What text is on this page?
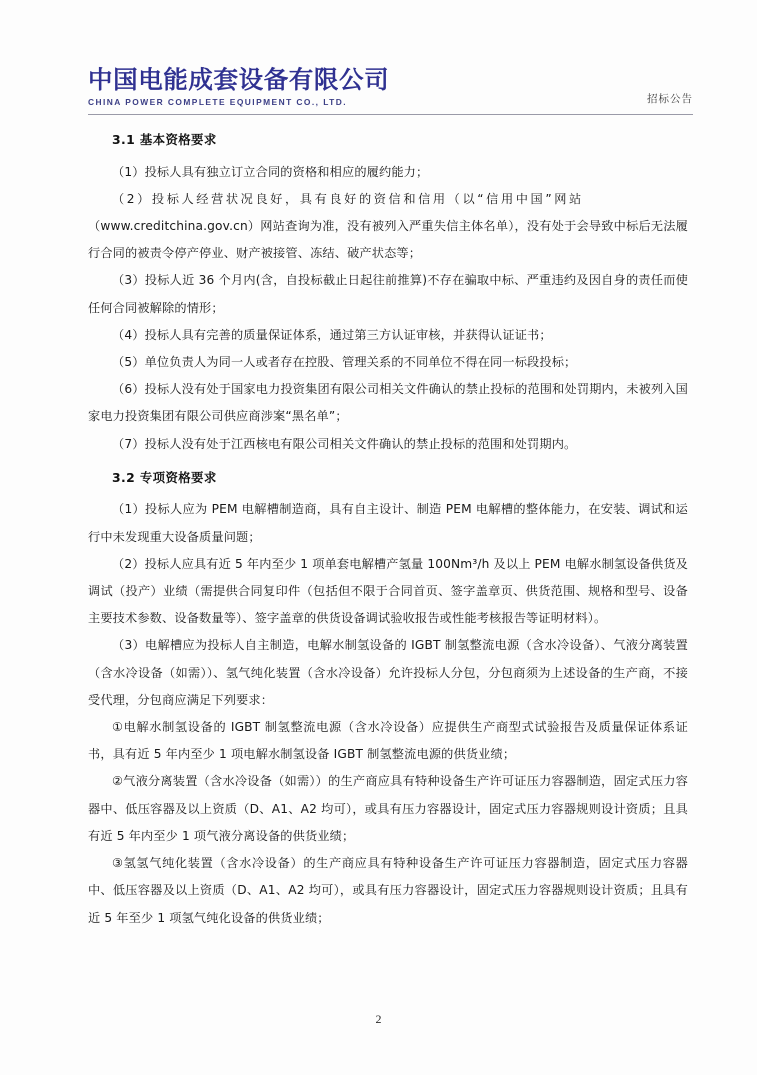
中国电能成套设备有限公司
CHINA POWER COMPLETE EQUIPMENT CO., LTD.	招标公告
3.1 基本资格要求

（1）投标人具有独立订立合同的资格和相应的履约能力；

（2）投标人经营状况良好，具有良好的资信和信用（以“信用中国”网站

（www.creditchina.gov.cn）网站查询为准，没有被列入严重失信主体名单），没有处于会导致中标后无法履行合同的被责令停产停业、财产被接管、冻结、破产状态等；

（3）投标人近 36 个月内(含，自投标截止日起往前推算)不存在骗取中标、严重违约及因自身的责任而使任何合同被解除的情形；

（4）投标人具有完善的质量保证体系，通过第三方认证审核，并获得认证证书；

（5）单位负责人为同一人或者存在控股、管理关系的不同单位不得在同一标段投标；

（6）投标人没有处于国家电力投资集团有限公司相关文件确认的禁止投标的范围和处罚期内，未被列入国家电力投资集团有限公司供应商涉案“黑名单”；

（7）投标人没有处于江西核电有限公司相关文件确认的禁止投标的范围和处罚期内。

3.2 专项资格要求

（1）投标人应为 PEM 电解槽制造商，具有自主设计、制造 PEM 电解槽的整体能力，在安装、调试和运行中未发现重大设备质量问题；

（2）投标人应具有近 5 年内至少 1 项单套电解槽产氢量 100Nm³/h 及以上 PEM 电解水制氢设备供货及调试（投产）业绩（需提供合同复印件（包括但不限于合同首页、签字盖章页、供货范围、规格和型号、设备主要技术参数、设备数量等）、签字盖章的供货设备调试验收报告或性能考核报告等证明材料）。

（3）电解槽应为投标人自主制造，电解水制氢设备的 IGBT 制氢整流电源（含水冷设备）、气液分离装置（含水冷设备（如需））、氢气纯化装置（含水冷设备）允许投标人分包，分包商须为上述设备的生产商，不接受代理，分包商应满足下列要求：

①电解水制氢设备的 IGBT 制氢整流电源（含水冷设备）应提供生产商型式试验报告及质量保证体系证书，具有近 5 年内至少 1 项电解水制氢设备 IGBT 制氢整流电源的供货业绩；

②气液分离装置（含水冷设备（如需））的生产商应具有特种设备生产许可证压力容器制造，固定式压力容器中、低压容器及以上资质（D、A1、A2 均可），或具有压力容器设计，固定式压力容器规则设计资质；且具有近 5 年内至少 1 项气液分离设备的供货业绩；

③氢氢气纯化装置（含水冷设备）的生产商应具有特种设备生产许可证压力容器制造，固定式压力容器中、低压容器及以上资质（D、A1、A2 均可），或具有压力容器设计，固定式压力容器规则设计资质；且具有近 5 年至少 1 项氢气纯化设备的供货业绩；

2
